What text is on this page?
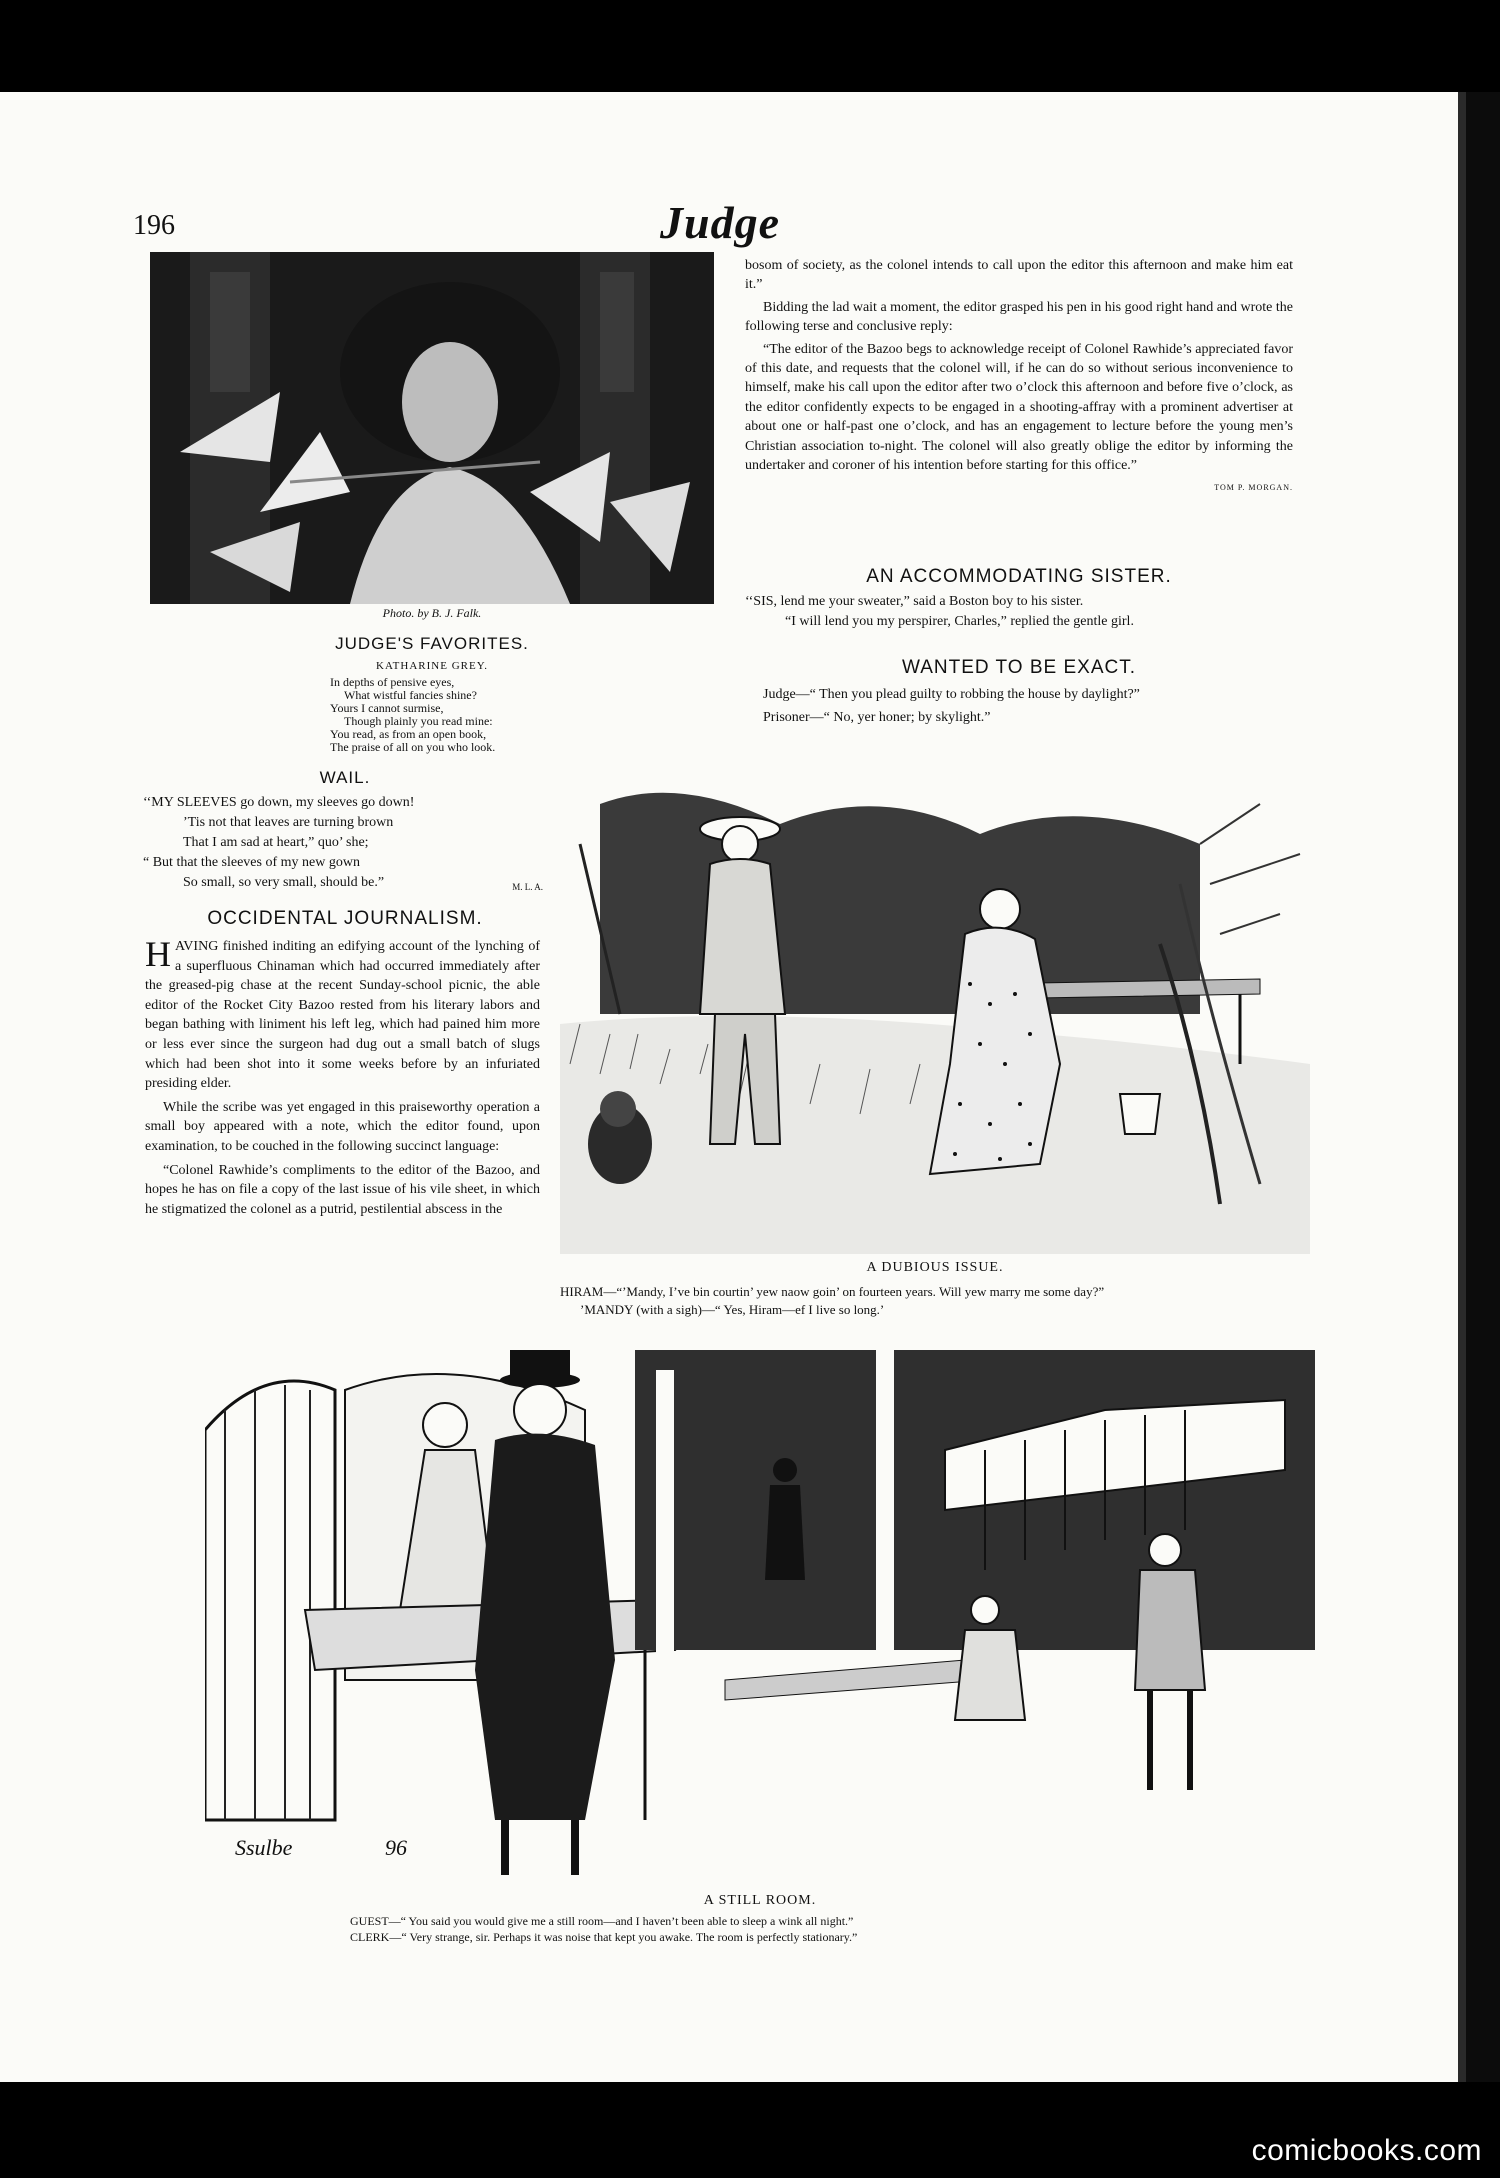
196	Judge
Photo. by B. J. Falk.
JUDGE'S FAVORITES.
KATHARINE GREY.
In depths of pensive eyes,
What wistful fancies shine?
Yours I cannot surmise,
Though plainly you read mine:
You read, as from an open book,
The praise of all on you who look.
WAIL.
‘‘MY SLEEVES go down, my sleeves go down!
’Tis not that leaves are turning brown
That I am sad at heart,” quo’ she;
“ But that the sleeves of my new gown
So small, so very small, should be.”	M. L. A.
OCCIDENTAL JOURNALISM.

HAVING finished inditing an edifying account of the lynching of a superfluous Chinaman which had occurred immediately after the greased-pig chase at the recent Sunday-school picnic, the able editor of the Rocket City Bazoo rested from his literary labors and began bathing with liniment his left leg, which had pained him more or less ever since the surgeon had dug out a small batch of slugs which had been shot into it some weeks before by an infuriated presiding elder.

While the scribe was yet engaged in this praiseworthy operation a small boy appeared with a note, which the editor found, upon examination, to be couched in the following succinct language:

“Colonel Rawhide’s compliments to the editor of the Bazoo, and hopes he has on file a copy of the last issue of his vile sheet, in which he stigmatized the colonel as a putrid, pestilential abscess in the

bosom of society, as the colonel intends to call upon the editor this afternoon and make him eat it.”

Bidding the lad wait a moment, the editor grasped his pen in his good right hand and wrote the following terse and conclusive reply:

“The editor of the Bazoo begs to acknowledge receipt of Colonel Rawhide’s appreciated favor of this date, and requests that the colonel will, if he can do so without serious inconvenience to himself, make his call upon the editor after two o’clock this afternoon and before five o’clock, as the editor confidently expects to be engaged in a shooting-affray with a prominent advertiser at about one or half-past one o’clock, and has an engagement to lecture before the young men’s Christian association to-night. The colonel will also greatly oblige the editor by informing the undertaker and coroner of his intention before starting for this office.”

TOM P. MORGAN.
AN ACCOMMODATING SISTER.
‘‘SIS, lend me your sweater,” said a Boston boy to his sister.
“I will lend you my perspirer, Charles,” replied the gentle girl.
WANTED TO BE EXACT.

Judge—“ Then you plead guilty to robbing the house by daylight?”

Prisoner—“ No, yer honer; by skylight.”

A DUBIOUS ISSUE.
HIRAM—“’Mandy, I’ve bin courtin’ yew naow goin’ on fourteen years. Will yew marry me some day?”
’MANDY (with a sigh)—“ Yes, Hiram—ef I live so long.’
Ssulbe	96
A STILL ROOM.
GUEST—“ You said you would give me a still room—and I haven’t been able to sleep a wink all night.”
CLERK—“ Very strange, sir. Perhaps it was noise that kept you awake. The room is perfectly stationary.”
comicbooks.com
